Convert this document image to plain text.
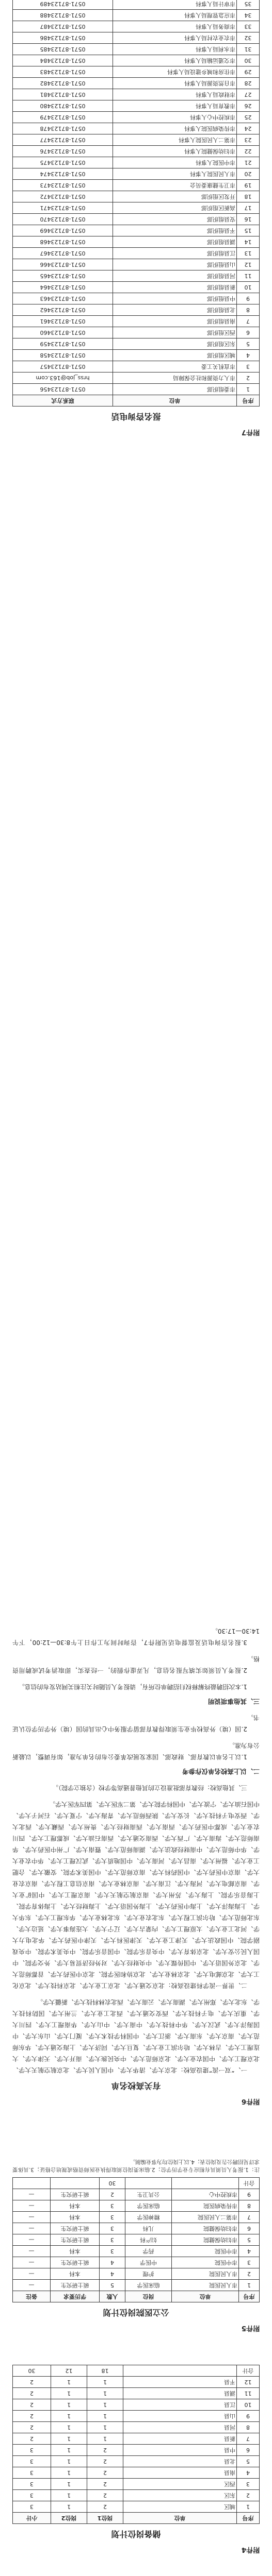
附件4
储备岗位计划
序号	单位	岗位1	岗位2	小计
1	城区	2	1	3
2	东区	2	1	3
3	西区	2	1	3
4	南县	2	1	3
5	北县	2	1	3
6	中县	2	1	3
7	新县	1	1	2
8	河县	1	1	2
9	山县	1	1	2
10	江县	1	1	2
11	湖县	1	1	2
12	平县	1	1	2
合计		18	12	30
附件5
公立医院岗位计划
序号	单位	岗位	人数	学历要求	备注
1	市人民医院	临床医学	5	硕士研究生	—
2	市人民医院	护理	4	本科	—
3	市中医院	中医学	4	硕士研究生	—
4	市中医院	药学	3	本科	—
5	市妇幼保健院	妇产科	3	硕士研究生	—
6	市妇幼保健院	儿科	3	硕士研究生	—
7	市第二人民医院	精神医学	3	本科	—
8	市传染病医院	临床医学	3	本科	—
9	市疾控中心	公共卫生	2	硕士研究生	—
合计			30		
注：1.报考人员须具有相应专业学历学位；2.临床类岗位须取得执业医师资格或规培合格证；3.具体要求详见招聘公告及岗位表；4.以上岗位均为事业编制。
附件6
有关高校名单

一、“双一流”建设高校：北京大学、清华大学、中国人民大学、北京航空航天大学、北京理工大学、中国农业大学、北京师范大学、中央民族大学、南开大学、天津大学、大连理工大学、吉林大学、哈尔滨工业大学、复旦大学、同济大学、上海交通大学、华东师范大学、南京大学、东南大学、浙江大学、中国科学技术大学、厦门大学、山东大学、中国海洋大学、武汉大学、华中科技大学、中南大学、中山大学、华南理工大学、四川大学、重庆大学、电子科技大学、西安交通大学、西北工业大学、兰州大学、国防科技大学、东北大学、郑州大学、湖南大学、云南大学、西北农林科技大学、新疆大学。

二、世界一流学科建设高校：北京交通大学、北京工业大学、北京科技大学、北京化工大学、北京邮电大学、北京林业大学、北京协和医学院、北京中医药大学、首都师范大学、北京外国语大学、中国传媒大学、中央财经大学、对外经济贸易大学、外交学院、中国人民公安大学、北京体育大学、中央音乐学院、中国音乐学院、中央美术学院、中央戏剧学院、中国政法大学、天津工业大学、天津医科大学、天津中医药大学、华北电力大学、河北工业大学、太原理工大学、内蒙古大学、辽宁大学、大连海事大学、延边大学、东北师范大学、哈尔滨工程大学、东北农业大学、东北林业大学、华东理工大学、东华大学、上海海洋大学、上海中医药大学、上海外国语大学、上海财经大学、上海体育学院、上海音乐学院、上海大学、苏州大学、南京航空航天大学、南京理工大学、中国矿业大学、南京邮电大学、河海大学、江南大学、南京林业大学、南京信息工程大学、南京农业大学、南京中医药大学、中国药科大学、南京师范大学、中国美术学院、安徽大学、合肥工业大学、福州大学、南昌大学、河南大学、中国地质大学、武汉理工大学、华中农业大学、华中师范大学、中南财经政法大学、湖南师范大学、暨南大学、广州中医药大学、华南师范大学、海南大学、广西大学、西南交通大学、西南石油大学、成都理工大学、四川农业大学、成都中医药大学、西南大学、西南财经大学、贵州大学、西藏大学、西北大学、西安电子科技大学、长安大学、陕西师范大学、青海大学、宁夏大学、石河子大学、中国石油大学、宁波大学、中国科学院大学、第二军医大学、第四军医大学。

三、其他高校：经教育部批准设立的其他普通高等学校（含独立学院）。

二、以上高校名单仅作参考

1.以上名单以教育部、财政部、国家发展改革委公布的名单为准，如有调整，以最新公布为准。

2.国（境）外高校毕业生须取得教育部留学服务中心出具的国（境）外学历学位认证书。

三、其他事项说明

1.本次招聘最终解释权归招聘单位所有，请报考人员随时关注相关网站发布的信息。

2.报考人员须如实填写报名信息，凡弄虚作假的，一经查实，即取消考试或聘用资格。

3.报名咨询电话及监督电话见附件7，咨询时间为工作日上午8:30—12:00，下午14:30—17:30。

附件7
报名咨询电话
序号	单位	联系方式
1	市委组织部	0571-87123456
2	市人力资源和社会保障局	hrss_job@163.com
3	市直机关工委	0571-87123457
4	城区组织部	0571-87123458
5	东区组织部	0571-87123459
6	西区组织部	0571-87123460
7	南县组织部	0571-87123461
8	北县组织部	0571-87123462
9	中县组织部	0571-87123463
10	新县组织部	0571-87123464
11	河县组织部	0571-87123465
12	山县组织部	0571-87123466
13	江县组织部	0571-87123467
14	湖县组织部	0571-87123468
15	平县组织部	0571-87123469
16	安县组织部	0571-87123470
17	高新区组织部	0571-87123471
18	开发区组织部	0571-87123472
19	市卫生健康委员会	0571-87123473
20	市人民医院人事科	0571-87123474
21	市中医院人事科	0571-87123475
22	市妇幼保健院人事科	0571-87123476
23	市第二人民医院人事科	0571-87123477
24	市传染病医院人事科	0571-87123478
25	市疾控中心人事科	0571-87123479
26	市教育局人事科	0571-87123480
27	市财政局人事科	0571-87123481
28	市自然资源局人事科	0571-87123482
29	市住房和城乡建设局人事科	0571-87123483
30	市交通运输局人事科	0571-87123484
31	市水利局人事科	0571-87123485
32	市农业农村局人事科	0571-87123486
33	市商务局人事科	0571-87123487
34	市应急管理局人事科	0571-87123488
35	市审计局人事科	0571-87123489
